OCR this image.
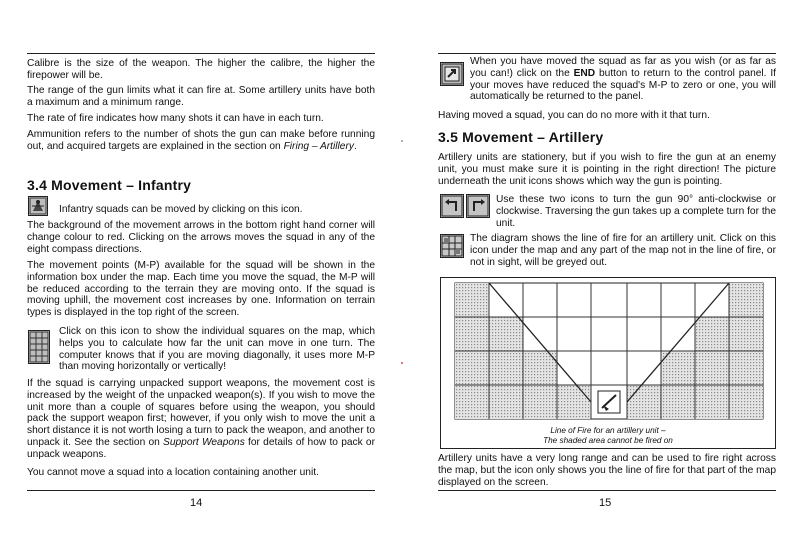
Calibre is the size of the weapon. The higher the calibre, the higher the firepower will be.

The range of the gun limits what it can fire at. Some artillery units have both a maximum and a minimum range.

The rate of fire indicates how many shots it can have in each turn.

Ammunition refers to the number of shots the gun can make before running out, and acquired targets are explained in the section on Firing – Artillery.

3.4 Movement – Infantry

Infantry squads can be moved by clicking on this icon.

The background of the movement arrows in the bottom right hand corner will change colour to red. Clicking on the arrows moves the squad in any of the eight compass directions.

The movement points (M-P) available for the squad will be shown in the information box under the map. Each time you move the squad, the M-P will be reduced according to the terrain they are moving onto. If the squad is moving uphill, the movement cost increases by one. Information on terrain types is displayed in the top right of the screen.

Click on this icon to show the individual squares on the map, which helps you to calculate how far the unit can move in one turn. The computer knows that if you are moving diagonally, it uses more M-P than moving horizontally or vertically!

If the squad is carrying unpacked support weapons, the movement cost is increased by the weight of the unpacked weapon(s). If you wish to move the unit more than a couple of squares before using the weapon, you should pack the support weapon first; however, if you only wish to move the unit a short distance it is not worth losing a turn to pack the weapon, and another to unpack it. See the section on Support Weapons for details of how to pack or unpack weapons.

You cannot move a squad into a location containing another unit.

14

When you have moved the squad as far as you wish (or as far as you can!) click on the END button to return to the control panel. If your moves have reduced the squad's M-P to zero or one, you will automatically be returned to the panel.

Having moved a squad, you can do no more with it that turn.

3.5 Movement – Artillery

Artillery units are stationery, but if you wish to fire the gun at an enemy unit, you must make sure it is pointing in the right direction! The picture underneath the unit icons shows which way the gun is pointing.

Use these two icons to turn the gun 90° anti-clockwise or clockwise. Traversing the gun takes up a complete turn for the unit.

The diagram shows the line of fire for an artillery unit. Click on this icon under the map and any part of the map not in the line of fire, or not in sight, will be greyed out.

Line of Fire for an artillery unit –
The shaded area cannot be fired on

Artillery units have a very long range and can be used to fire right across the map, but the icon only shows you the line of fire for that part of the map displayed on the screen.

15
